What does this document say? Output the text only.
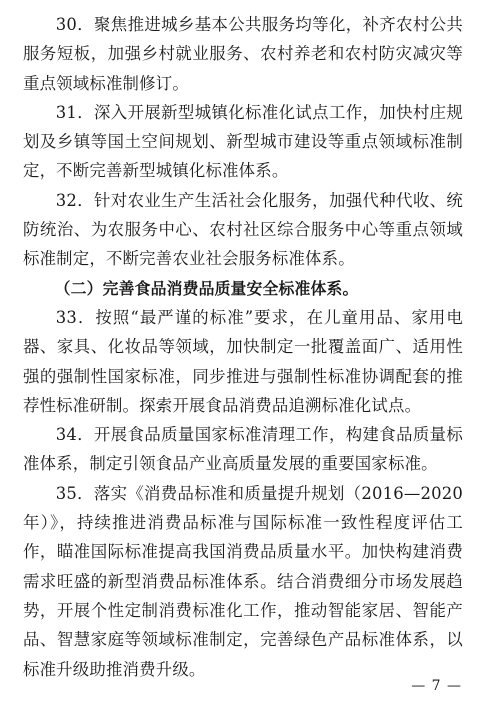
30．聚焦推进城乡基本公共服务均等化，补齐农村公共服务短板，加强乡村就业服务、农村养老和农村防灾减灾等重点领域标准制修订。

31．深入开展新型城镇化标准化试点工作，加快村庄规划及乡镇等国土空间规划、新型城市建设等重点领域标准制定，不断完善新型城镇化标准体系。

32．针对农业生产生活社会化服务，加强代种代收、统防统治、为农服务中心、农村社区综合服务中心等重点领域标准制定，不断完善农业社会服务标准体系。

（二）完善食品消费品质量安全标准体系。

33．按照“最严谨的标准”要求，在儿童用品、家用电器、家具、化妆品等领域，加快制定一批覆盖面广、适用性强的强制性国家标准，同步推进与强制性标准协调配套的推荐性标准研制。探索开展食品消费品追溯标准化试点。

34．开展食品质量国家标准清理工作，构建食品质量标准体系，制定引领食品产业高质量发展的重要国家标准。

35．落实《消费品标准和质量提升规划（2016—2020年）》，持续推进消费品标准与国际标准一致性程度评估工作，瞄准国际标准提高我国消费品质量水平。加快构建消费需求旺盛的新型消费品标准体系。结合消费细分市场发展趋势，开展个性定制消费标准化工作，推动智能家居、智能产品、智慧家庭等领域标准制定，完善绿色产品标准体系，以标准升级助推消费升级。

— 7 —
